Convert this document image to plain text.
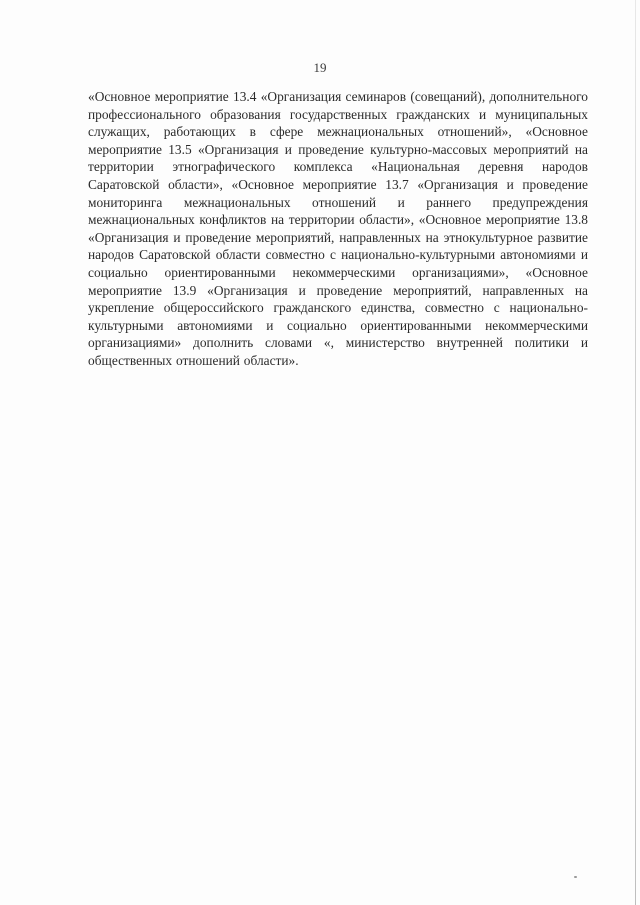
19

«Основное мероприятие 13.4 «Организация семинаров (совещаний), дополнительного профессионального образования государственных гражданских и муниципальных служащих, работающих в сфере межнациональных отношений», «Основное мероприятие 13.5 «Организация и проведение культурно-массовых мероприятий на территории этнографического комплекса «Национальная деревня народов Саратовской области», «Основное мероприятие 13.7 «Организация и проведение мониторинга межнациональных отношений и раннего предупреждения межнациональных конфликтов на территории области», «Основное мероприятие 13.8 «Организация и проведение мероприятий, направленных на этнокультурное развитие народов Саратовской области совместно с национально-культурными автономиями и социально ориентированными некоммерческими организациями», «Основное мероприятие 13.9 «Организация и проведение мероприятий, направленных на укрепление общероссийского гражданского единства, совместно с национально-культурными автономиями и социально ориентированными некоммерческими организациями» дополнить словами «, министерство внутренней политики и общественных отношений области».
